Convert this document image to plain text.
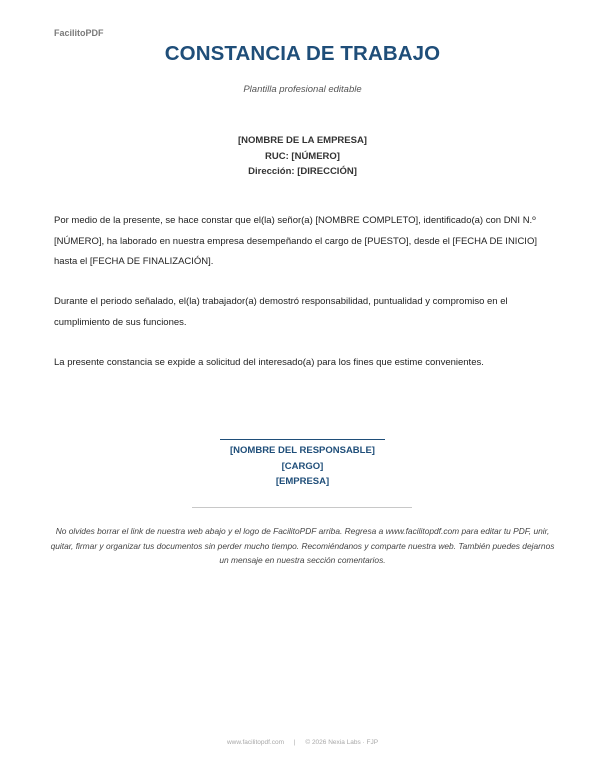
FacilitoPDF
CONSTANCIA DE TRABAJO
Plantilla profesional editable
[NOMBRE DE LA EMPRESA]
RUC: [NÚMERO]
Dirección: [DIRECCIÓN]
Por medio de la presente, se hace constar que el(la) señor(a) [NOMBRE COMPLETO], identificado(a) con DNI N.º [NÚMERO], ha laborado en nuestra empresa desempeñando el cargo de [PUESTO], desde el [FECHA DE INICIO] hasta el [FECHA DE FINALIZACIÓN].
Durante el periodo señalado, el(la) trabajador(a) demostró responsabilidad, puntualidad y compromiso en el cumplimiento de sus funciones.
La presente constancia se expide a solicitud del interesado(a) para los fines que estime convenientes.
[NOMBRE DEL RESPONSABLE]
[CARGO]
[EMPRESA]
No olvides borrar el link de nuestra web abajo y el logo de FacilitoPDF arriba. Regresa a www.facilitopdf.com para editar tu PDF, unir, quitar, firmar y organizar tus documentos sin perder mucho tiempo. Recomiéndanos y comparte nuestra web. También puedes dejarnos un mensaje en nuestra sección comentarios.
www.facilitopdf.com | © 2026 Nexia Labs · FJP
